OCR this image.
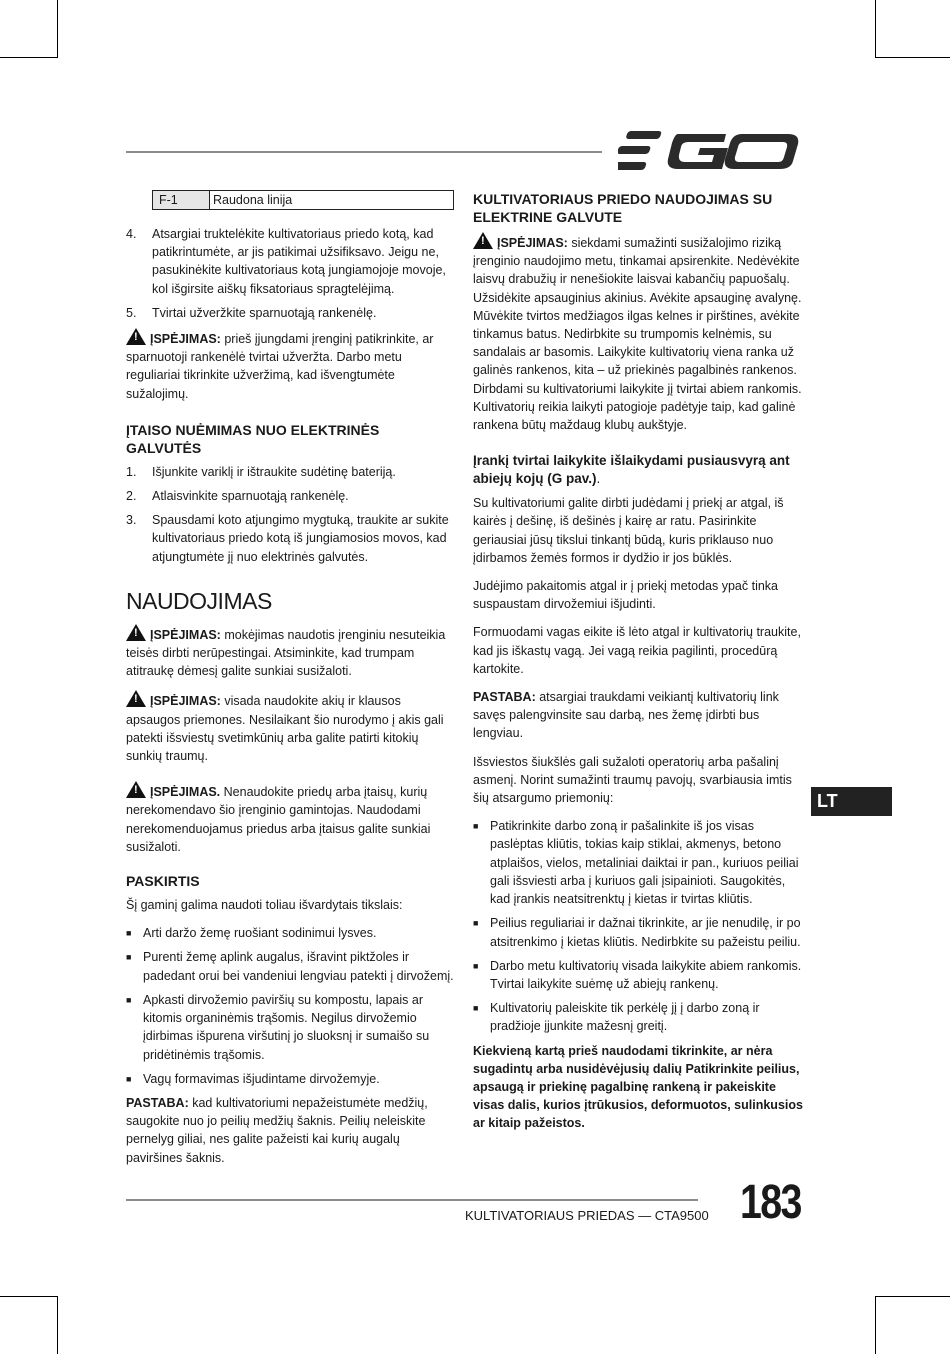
F-1	Raudona linija
4.	Atsargiai truktelėkite kultivatoriaus priedo kotą, kad patikrintumėte, ar jis patikimai užsifiksavo. Jeigu ne, pasukinėkite kultivatoriaus kotą jungiamojoje movoje, kol išgirsite aiškų fiksatoriaus spragtelėjimą.
5.	Tvirtai užveržkite sparnuotąją rankenėlę.

!ĮSPĖJIMAS: prieš įjungdami įrenginį patikrinkite, ar sparnuotoji rankenėlė tvirtai užveržta. Darbo metu reguliariai tikrinkite užveržimą, kad išvengtumėte sužalojimų.

ĮTAISO NUĖMIMAS NUO ELEKTRINĖS GALVUTĖS
1.	Išjunkite variklį ir ištraukite sudėtinę bateriją.
2.	Atlaisvinkite sparnuotąją rankenėlę.
3.	Spausdami koto atjungimo mygtuką, traukite ar sukite kultivatoriaus priedo kotą iš jungiamosios movos, kad atjungtumėte jį nuo elektrinės galvutės.
NAUDOJIMAS

!ĮSPĖJIMAS: mokėjimas naudotis įrenginiu nesuteikia teisės dirbti nerūpestingai. Atsiminkite, kad trumpam atitraukę dėmesį galite sunkiai susižaloti.

!ĮSPĖJIMAS: visada naudokite akių ir klausos apsaugos priemones. Nesilaikant šio nurodymo į akis gali patekti išsviestų svetimkūnių arba galite patirti kitokių sunkių traumų.

!ĮSPĖJIMAS. Nenaudokite priedų arba įtaisų, kurių nerekomendavo šio įrenginio gamintojas. Naudodami nerekomenduojamus priedus arba įtaisus galite sunkiai susižaloti.

PASKIRTIS

Šį gaminį galima naudoti toliau išvardytais tikslais:

■ Arti daržo žemę ruošiant sodinimui lysves.
■ Purenti žemę aplink augalus, išravint piktžoles ir padedant orui bei vandeniui lengviau patekti į dirvožemį.
■ Apkasti dirvožemio paviršių su kompostu, lapais ar kitomis organinėmis trąšomis. Negilus dirvožemio įdirbimas išpurena viršutinį jo sluoksnį ir sumaišo su pridėtinėmis trąšomis.
■ Vagų formavimas išjudintame dirvožemyje.

PASTABA: kad kultivatoriumi nepažeistumėte medžių, saugokite nuo jo peilių medžių šaknis. Peilių neleiskite pernelyg giliai, nes galite pažeisti kai kurių augalų paviršines šaknis.

KULTIVATORIAUS PRIEDO NAUDOJIMAS SU ELEKTRINE GALVUTE

!ĮSPĖJIMAS: siekdami sumažinti susižalojimo riziką įrenginio naudojimo metu, tinkamai apsirenkite. Nedėvėkite laisvų drabužių ir nenešiokite laisvai kabančių papuošalų. Užsidėkite apsauginius akinius. Avėkite apsauginę avalynę. Mūvėkite tvirtos medžiagos ilgas kelnes ir pirštines, avėkite tinkamus batus. Nedirbkite su trumpomis kelnėmis, su sandalais ar basomis. Laikykite kultivatorių viena ranka už galinės rankenos, kita – už priekinės pagalbinės rankenos. Dirbdami su kultivatoriumi laikykite jį tvirtai abiem rankomis. Kultivatorių reikia laikyti patogioje padėtyje taip, kad galinė rankena būtų maždaug klubų aukštyje.

Įrankį tvirtai laikykite išlaikydami pusiausvyrą ant abiejų kojų (G pav.).

Su kultivatoriumi galite dirbti judėdami į priekį ar atgal, iš kairės į dešinę, iš dešinės į kairę ar ratu. Pasirinkite geriausiai jūsų tikslui tinkantį būdą, kuris priklauso nuo įdirbamos žemės formos ir dydžio ir jos būklės.

Judėjimo pakaitomis atgal ir į priekį metodas ypač tinka suspaustam dirvožemiui išjudinti.

Formuodami vagas eikite iš lėto atgal ir kultivatorių traukite, kad jis iškastų vagą. Jei vagą reikia pagilinti, procedūrą kartokite.

PASTABA: atsargiai traukdami veikiantį kultivatorių link savęs palengvinsite sau darbą, nes žemę įdirbti bus lengviau.

Išsviestos šiukšlės gali sužaloti operatorių arba pašalinį asmenį. Norint sumažinti traumų pavojų, svarbiausia imtis šių atsargumo priemonių:

■ Patikrinkite darbo zoną ir pašalinkite iš jos visas paslėptas kliūtis, tokias kaip stiklai, akmenys, betono atplaišos, vielos, metaliniai daiktai ir pan., kuriuos peiliai gali išsviesti arba į kuriuos gali įsipainioti. Saugokitės, kad įrankis neatsitrenktų į kietas ir tvirtas kliūtis.
■ Peilius reguliariai ir dažnai tikrinkite, ar jie nenudilę, ir po atsitrenkimo į kietas kliūtis. Nedirbkite su pažeistu peiliu.
■ Darbo metu kultivatorių visada laikykite abiem rankomis. Tvirtai laikykite suėmę už abiejų rankenų.
■ Kultivatorių paleiskite tik perkėlę jį į darbo zoną ir pradžioje įjunkite mažesnį greitį.

Kiekvieną kartą prieš naudodami tikrinkite, ar nėra sugadintų arba nusidėvėjusių dalių Patikrinkite peilius, apsaugą ir priekinę pagalbinę rankeną ir pakeiskite visas dalis, kurios įtrūkusios, deformuotos, sulinkusios ar kitaip pažeistos.

LT
KULTIVATORIAUS PRIEDAS — CTA9500 183
